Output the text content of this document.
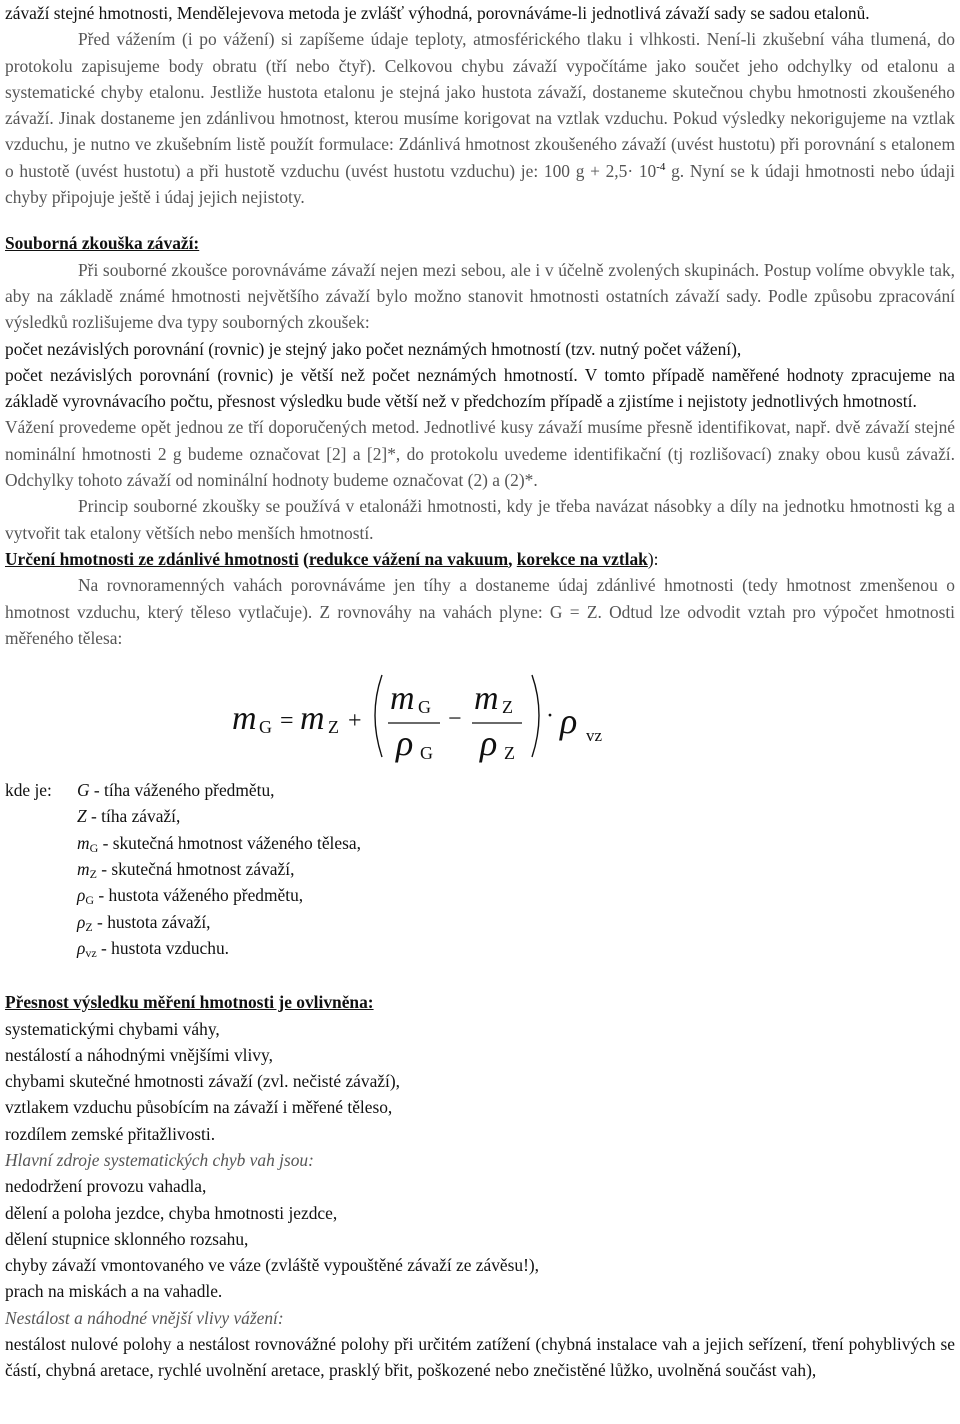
závaží stejné hmotnosti, Mendělejevova metoda je zvlášť výhodná, porovnáváme-li jednotlivá závaží sady se sadou etalonů.

Před vážením (i po vážení) si zapíšeme údaje teploty, atmosférického tlaku i vlhkosti. Není-li zkušební váha tlumená, do protokolu zapisujeme body obratu (tří nebo čtyř). Celkovou chybu závaží vypočítáme jako součet jeho odchylky od etalonu a systematické chyby etalonu. Jestliže hustota etalonu je stejná jako hustota závaží, dostaneme skutečnou chybu hmotnosti zkoušeného závaží. Jinak dostaneme jen zdánlivou hmotnost, kterou musíme korigovat na vztlak vzduchu. Pokud výsledky nekorigujeme na vztlak vzduchu, je nutno ve zkušebním listě použít formulace: Zdánlivá hmotnost zkoušeného závaží (uvést hustotu) při porovnání s etalonem o hustotě (uvést hustotu) a při hustotě vzduchu (uvést hustotu vzduchu) je: 100 $g + 2,5\cdot 10^{-4}$ g. Nyní se k údaji hmotnosti nebo údaji chyby připojuje ještě i údaj jejich nejistoty.

Souborná zkouška závaží:

Při souborné zkoušce porovnáváme závaží nejen mezi sebou, ale i v účelně zvolených skupinách. Postup volíme obvykle tak, aby na základě známé hmotnosti největšího závaží bylo možno stanovit hmotnosti ostatních závaží sady. Podle způsobu zpracování výsledků rozlišujeme dva typy souborných zkoušek:

počet nezávislých porovnání (rovnic) je stejný jako počet neznámých hmotností (tzv. nutný počet vážení),
počet nezávislých porovnání (rovnic) je větší než počet neznámých hmotností. V tomto případě naměřené hodnoty zpracujeme na základě vyrovnávacího počtu, přesnost výsledku bude větší než v předchozím případě a zjistíme i nejistoty jednotlivých hmotností.

Vážení provedeme opět jednou ze tří doporučených metod. Jednotlivé kusy závaží musíme přesně identifikovat, např. dvě závaží stejné nominální hmotnosti 2 g budeme označovat [2] a [2]*, do protokolu uvedeme identifikační (tj rozlišovací) znaky obou kusů závaží. Odchylky tohoto závaží od nominální hodnoty budeme označovat (2) a (2)*.

Princip souborné zkoušky se používá v etalonáži hmotnosti, kdy je třeba navázat násobky a díly na jednotku hmotnosti kg a vytvořit tak etalony větších nebo menších hmotností.

Určení hmotnosti ze zdánlivé hmotnosti (redukce vážení na vakuum, korekce na vztlak):

Na rovnoramenných vahách porovnáváme jen tíhy a dostaneme údaj zdánlivé hmotnosti (tedy hmotnost zmenšenou o hmotnost vzduchu, který těleso vytlačuje). Z rovnováhy na vahách plyne: G = Z. Odtud lze odvodit vztah pro výpočet hmotnosti měřeného tělesa:

m G = m Z +
m G
ρ G
−
m Z
ρ Z
· ρ vz
kde je: G - tíha váženého předmětu,
Z - tíha závaží,
$m_G$ - skutečná hmotnost váženého tělesa,
$m_Z$ - skutečná hmotnost závaží,
$\rho_G$ - hustota váženého předmětu,
$\rho_Z$ - hustota závaží,
$\rho_{vz}$ - hustota vzduchu.

Přesnost výsledku měření hmotnosti je ovlivněna:

systematickými chybami váhy,
nestálostí a náhodnými vnějšími vlivy,
chybami skutečné hmotnosti závaží (zvl. nečisté závaží),
vztlakem vzduchu působícím na závaží i měřené těleso,
rozdílem zemské přitažlivosti.

Hlavní zdroje systematických chyb vah jsou:

nedodržení provozu vahadla,
dělení a poloha jezdce, chyba hmotnosti jezdce,
dělení stupnice sklonného rozsahu,
chyby závaží vmontovaného ve váze (zvláště vypouštěné závaží ze závěsu!),
prach na miskách a na vahadle.

Nestálost a náhodné vnější vlivy vážení:

nestálost nulové polohy a nestálost rovnovážné polohy při určitém zatížení (chybná instalace vah a jejich seřízení, tření pohyblivých se částí, chybná aretace, rychlé uvolnění aretace, prasklý břit, poškozené nebo znečistěné lůžko, uvolněná součást vah),
